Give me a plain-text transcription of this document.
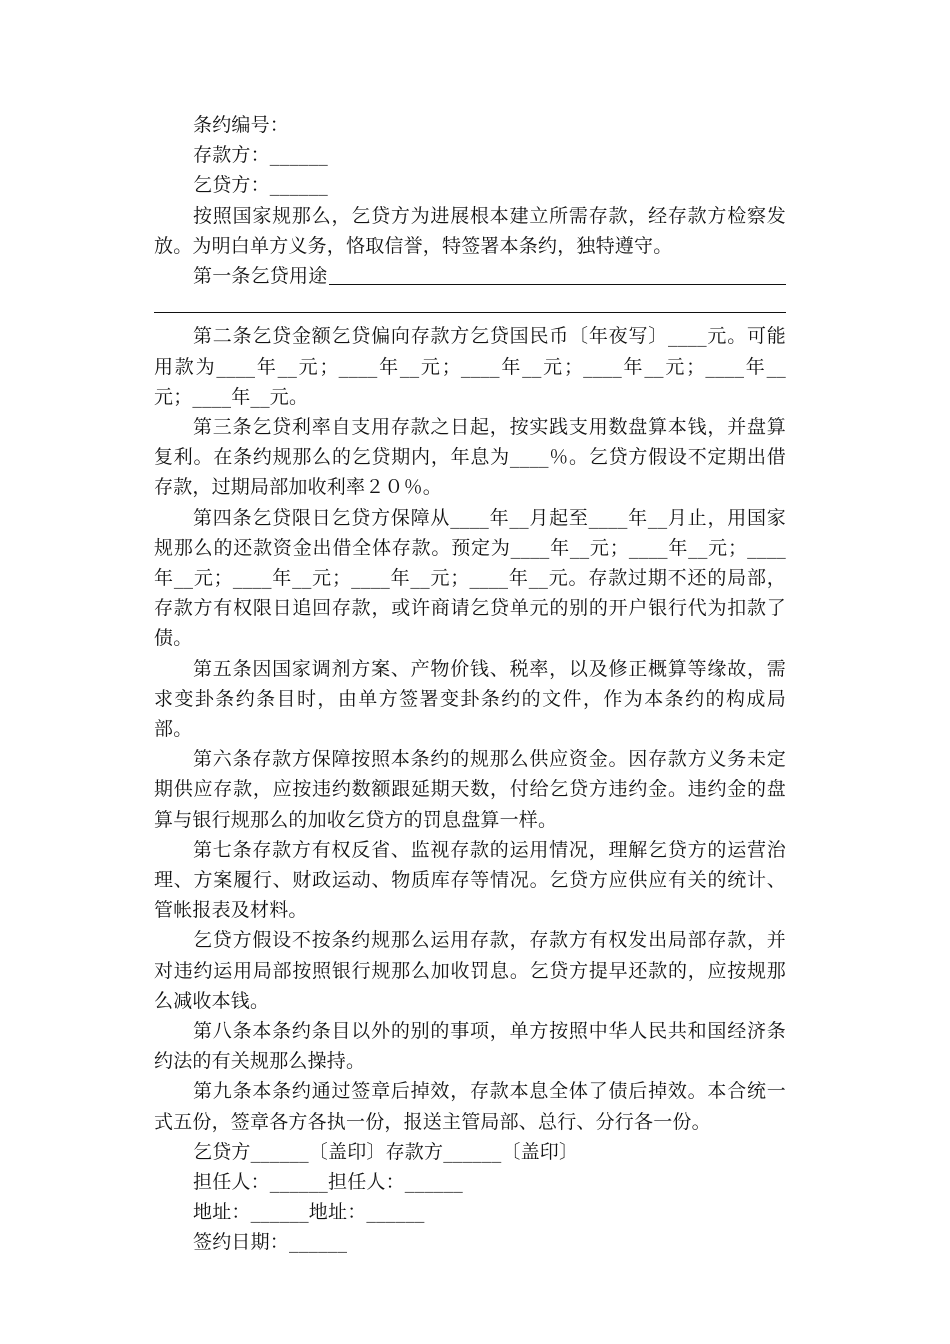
条约编号：

存款方：______

乞贷方：______

按照国家规那么，乞贷方为进展根本建立所需存款，经存款方检察发放。为明白单方义务，恪取信誉，特签署本条约，独特遵守。

第一条乞贷用途

第二条乞贷金额乞贷偏向存款方乞贷国民币〔年夜写〕____元。可能用款为____年__元；____年__元；____年__元；____年__元；____年__元；____年__元。

第三条乞贷利率自支用存款之日起，按实践支用数盘算本钱，并盘算复利。在条约规那么的乞贷期内，年息为____％。乞贷方假设不定期出借存款，过期局部加收利率２０％。

第四条乞贷限日乞贷方保障从____年__月起至____年__月止，用国家规那么的还款资金出借全体存款。预定为____年__元；____年__元；____年__元；____年__元；____年__元；____年__元。存款过期不还的局部，存款方有权限日追回存款，或许商请乞贷单元的别的开户银行代为扣款了债。

第五条因国家调剂方案、产物价钱、税率，以及修正概算等缘故，需求变卦条约条目时，由单方签署变卦条约的文件，作为本条约的构成局部。

第六条存款方保障按照本条约的规那么供应资金。因存款方义务未定期供应存款，应按违约数额跟延期天数，付给乞贷方违约金。违约金的盘算与银行规那么的加收乞贷方的罚息盘算一样。

第七条存款方有权反省、监视存款的运用情况，理解乞贷方的运营治理、方案履行、财政运动、物质库存等情况。乞贷方应供应有关的统计、管帐报表及材料。

乞贷方假设不按条约规那么运用存款，存款方有权发出局部存款，并对违约运用局部按照银行规那么加收罚息。乞贷方提早还款的，应按规那么减收本钱。

第八条本条约条目以外的别的事项，单方按照中华人民共和国经济条约法的有关规那么操持。

第九条本条约通过签章后掉效，存款本息全体了债后掉效。本合统一式五份，签章各方各执一份，报送主管局部、总行、分行各一份。

乞贷方______〔盖印〕存款方______〔盖印〕

担任人：______担任人：______

地址：______地址：______

签约日期：______
